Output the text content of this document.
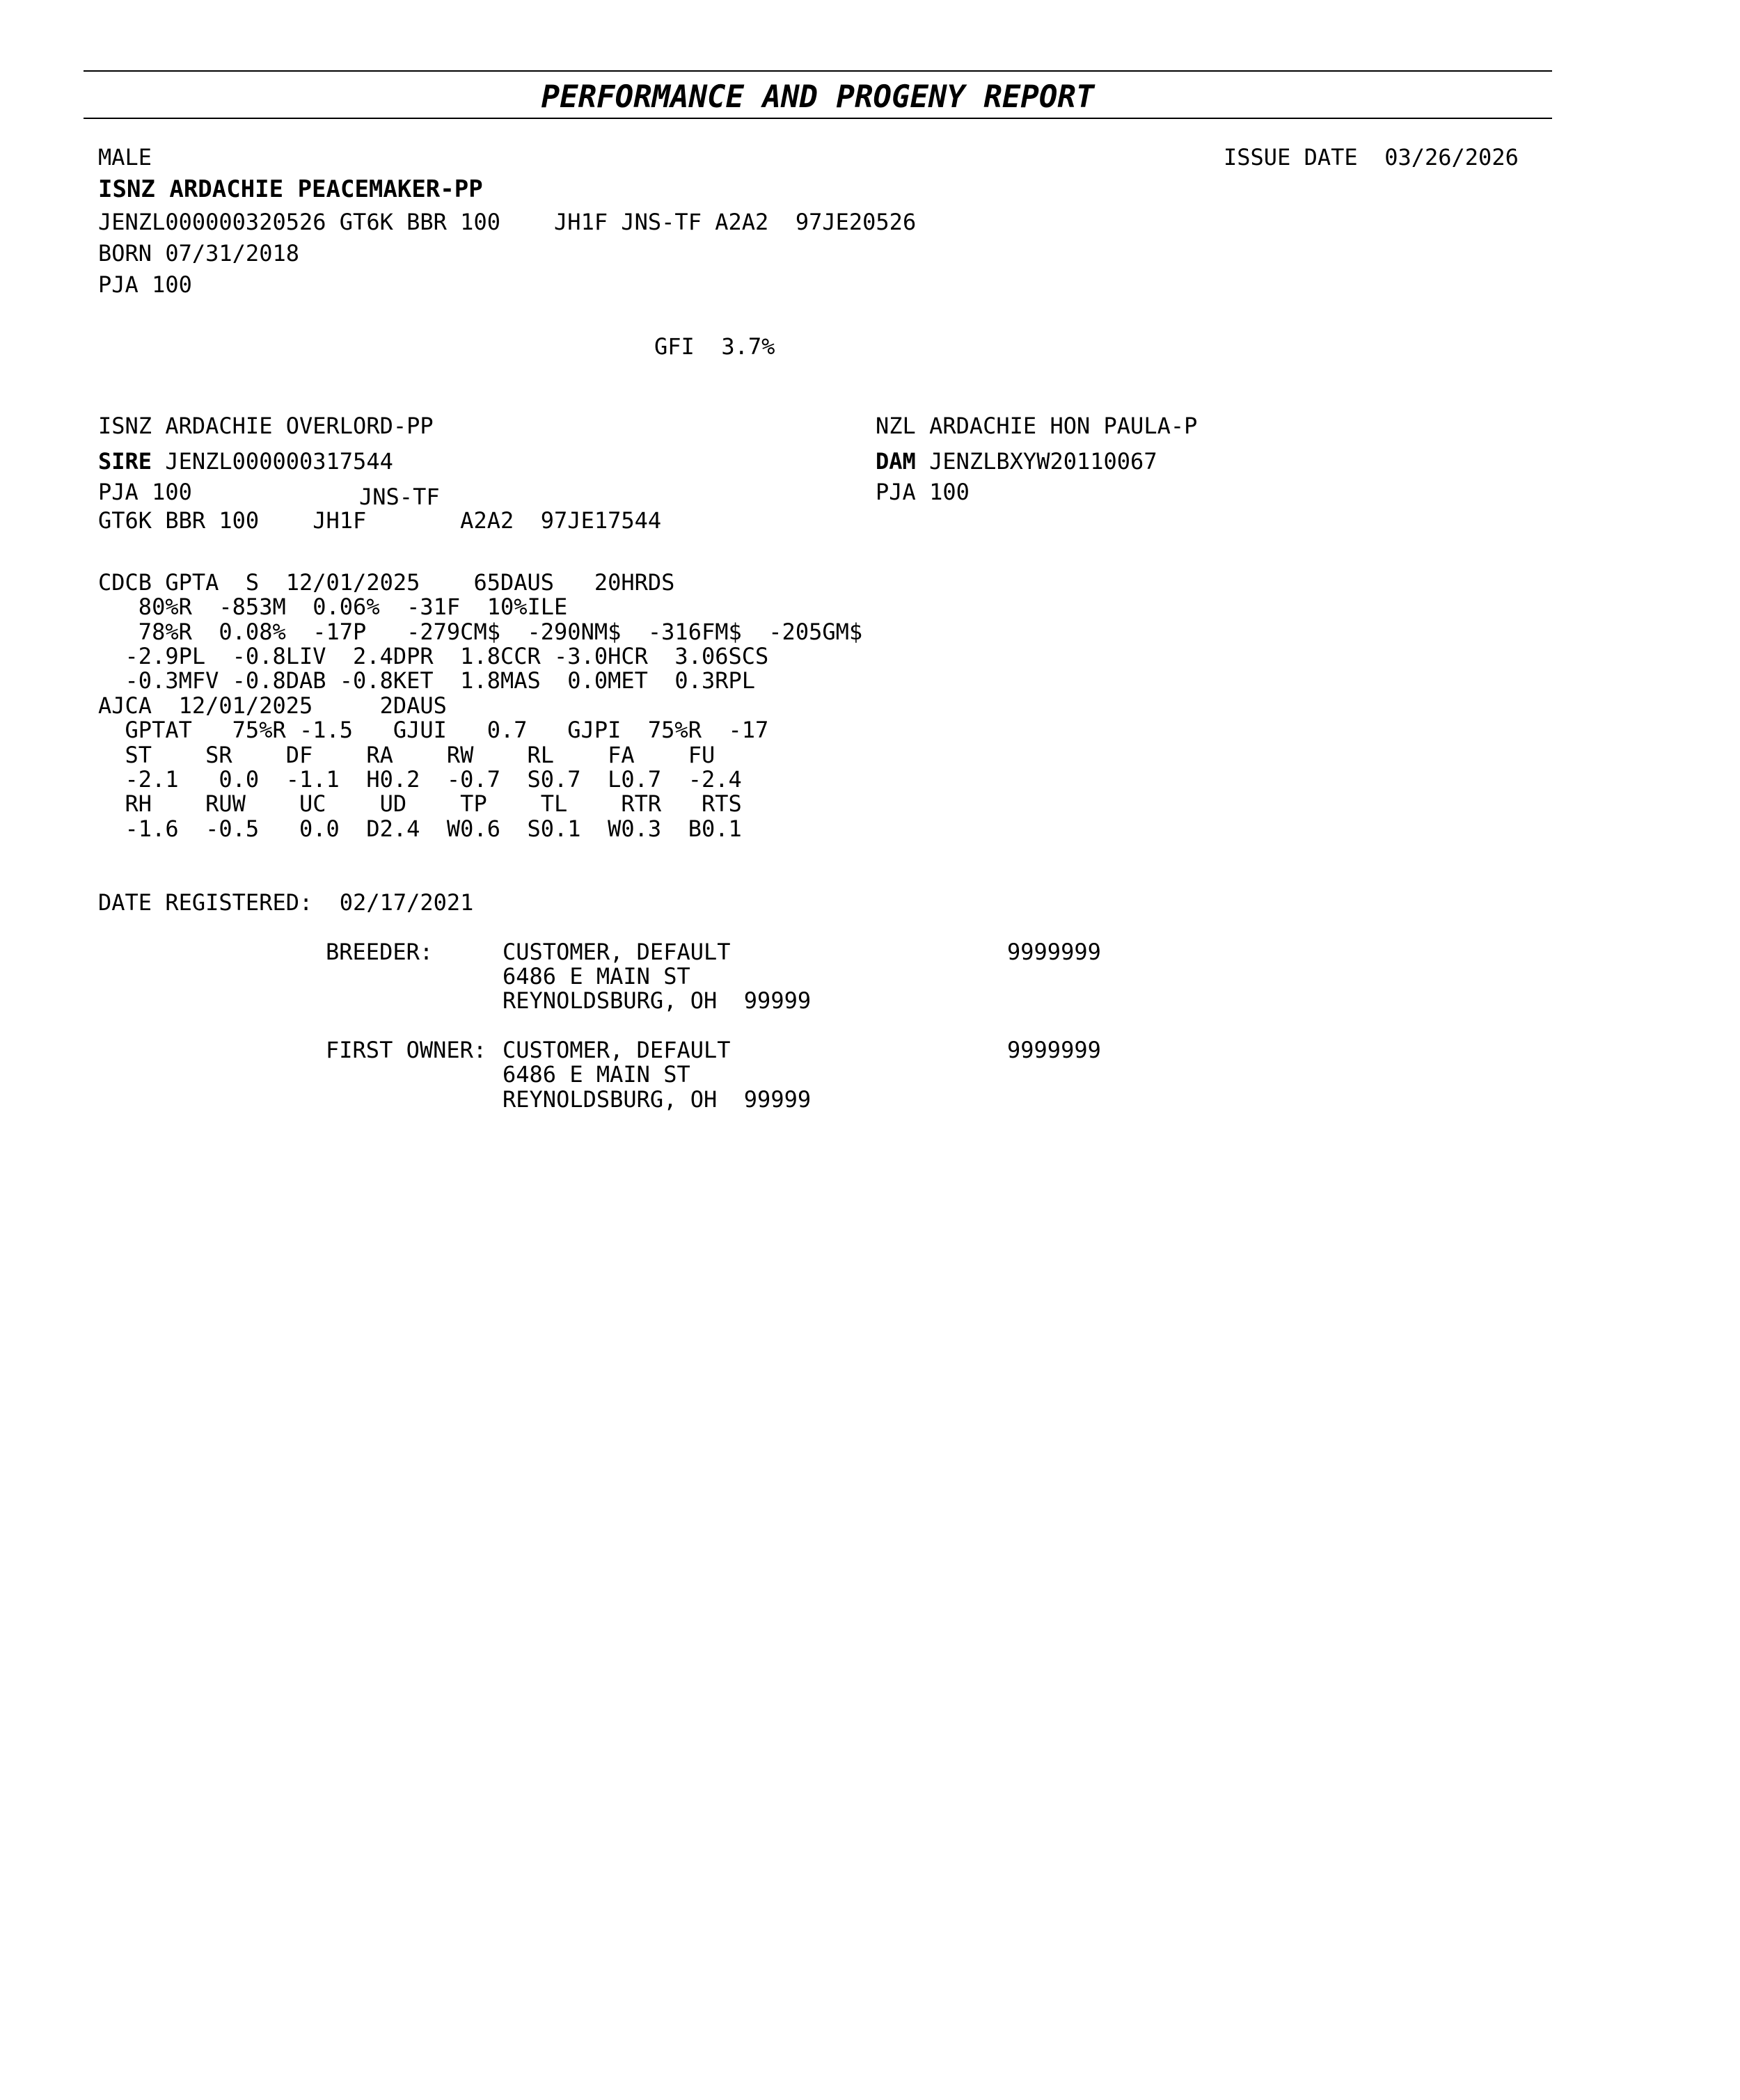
PERFORMANCE AND PROGENY REPORT
MALE	ISSUE DATE  03/26/2026
ISNZ ARDACHIE PEACEMAKER-PP
JENZL000000320526 GT6K BBR 100    JH1F JNS-TF A2A2  97JE20526
BORN 07/31/2018
PJA 100
GFI  3.7%
ISNZ ARDACHIE OVERLORD-PP
SIRE JENZL000000317544
PJA 100	JNS-TF
GT6K BBR 100    JH1F       A2A2  97JE17544
NZL ARDACHIE HON PAULA-P
DAM JENZLBXYW20110067
PJA 100
CDCB GPTA  S  12/01/2025    65DAUS   20HRDS
80%R  -853M  0.06%  -31F  10%ILE
78%R  0.08%  -17P   -279CM$  -290NM$  -316FM$  -205GM$
-2.9PL  -0.8LIV  2.4DPR  1.8CCR -3.0HCR  3.06SCS
-0.3MFV -0.8DAB -0.8KET  1.8MAS  0.0MET  0.3RPL
AJCA  12/01/2025     2DAUS
GPTAT   75%R -1.5   GJUI   0.7   GJPI  75%R  -17
ST    SR    DF    RA    RW    RL    FA    FU
-2.1   0.0  -1.1  H0.2  -0.7  S0.7  L0.7  -2.4
RH    RUW    UC    UD    TP    TL    RTR   RTS
-1.6  -0.5   0.0  D2.4  W0.6  S0.1  W0.3  B0.1
DATE REGISTERED:  02/17/2021
BREEDER:	CUSTOMER, DEFAULT	9999999
6486 E MAIN ST
REYNOLDSBURG, OH  99999
FIRST OWNER: CUSTOMER, DEFAULT	9999999
6486 E MAIN ST
REYNOLDSBURG, OH  99999
